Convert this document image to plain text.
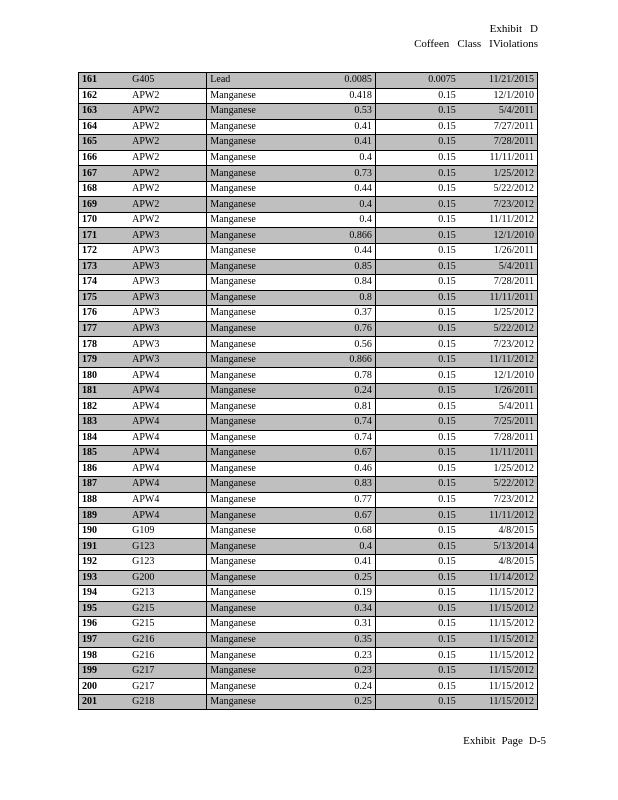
Exhibit D
Coffeen Class IViolations
161	G405	Lead	0.0085	0.0075	11/21/2015
162	APW2	Manganese	0.418	0.15	12/1/2010
163	APW2	Manganese	0.53	0.15	5/4/2011
164	APW2	Manganese	0.41	0.15	7/27/2011
165	APW2	Manganese	0.41	0.15	7/28/2011
166	APW2	Manganese	0.4	0.15	11/11/2011
167	APW2	Manganese	0.73	0.15	1/25/2012
168	APW2	Manganese	0.44	0.15	5/22/2012
169	APW2	Manganese	0.4	0.15	7/23/2012
170	APW2	Manganese	0.4	0.15	11/11/2012
171	APW3	Manganese	0.866	0.15	12/1/2010
172	APW3	Manganese	0.44	0.15	1/26/2011
173	APW3	Manganese	0.85	0.15	5/4/2011
174	APW3	Manganese	0.84	0.15	7/28/2011
175	APW3	Manganese	0.8	0.15	11/11/2011
176	APW3	Manganese	0.37	0.15	1/25/2012
177	APW3	Manganese	0.76	0.15	5/22/2012
178	APW3	Manganese	0.56	0.15	7/23/2012
179	APW3	Manganese	0.866	0.15	11/11/2012
180	APW4	Manganese	0.78	0.15	12/1/2010
181	APW4	Manganese	0.24	0.15	1/26/2011
182	APW4	Manganese	0.81	0.15	5/4/2011
183	APW4	Manganese	0.74	0.15	7/25/2011
184	APW4	Manganese	0.74	0.15	7/28/2011
185	APW4	Manganese	0.67	0.15	11/11/2011
186	APW4	Manganese	0.46	0.15	1/25/2012
187	APW4	Manganese	0.83	0.15	5/22/2012
188	APW4	Manganese	0.77	0.15	7/23/2012
189	APW4	Manganese	0.67	0.15	11/11/2012
190	G109	Manganese	0.68	0.15	4/8/2015
191	G123	Manganese	0.4	0.15	5/13/2014
192	G123	Manganese	0.41	0.15	4/8/2015
193	G200	Manganese	0.25	0.15	11/14/2012
194	G213	Manganese	0.19	0.15	11/15/2012
195	G215	Manganese	0.34	0.15	11/15/2012
196	G215	Manganese	0.31	0.15	11/15/2012
197	G216	Manganese	0.35	0.15	11/15/2012
198	G216	Manganese	0.23	0.15	11/15/2012
199	G217	Manganese	0.23	0.15	11/15/2012
200	G217	Manganese	0.24	0.15	11/15/2012
201	G218	Manganese	0.25	0.15	11/15/2012
Exhibit Page D-5
